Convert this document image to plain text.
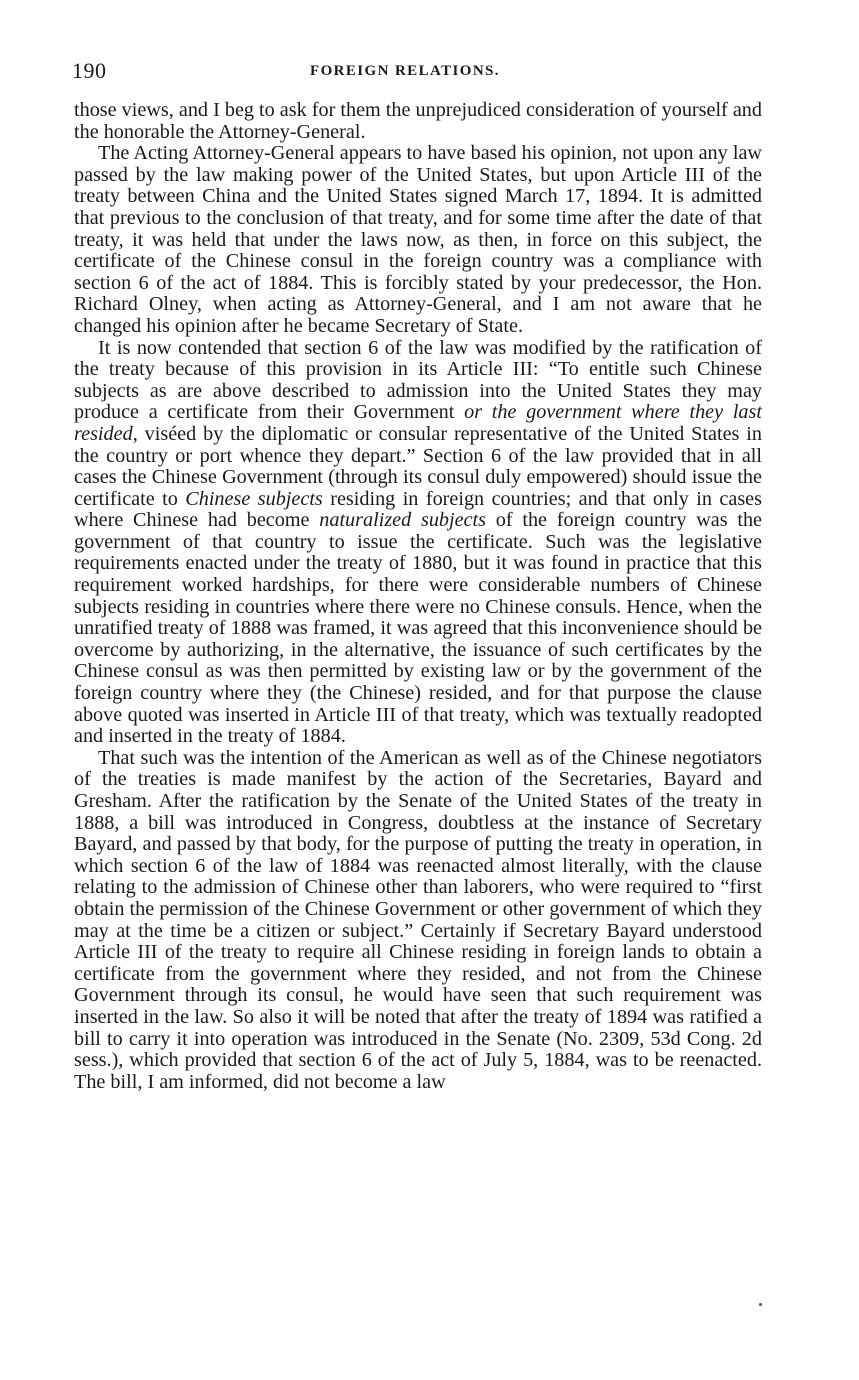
190	FOREIGN RELATIONS.

those views, and I beg to ask for them the unprejudiced consideration of yourself and the honorable the Attorney-General.

The Acting Attorney-General appears to have based his opinion, not upon any law passed by the law making power of the United States, but upon Article III of the treaty between China and the United States signed March 17, 1894. It is admitted that previous to the conclusion of that treaty, and for some time after the date of that treaty, it was held that under the laws now, as then, in force on this subject, the certificate of the Chinese consul in the foreign country was a compliance with section 6 of the act of 1884. This is forcibly stated by your predecessor, the Hon. Richard Olney, when acting as Attorney-General, and I am not aware that he changed his opinion after he became Secretary of State.

It is now contended that section 6 of the law was modified by the ratification of the treaty because of this provision in its Article III: “To entitle such Chinese subjects as are above described to admission into the United States they may produce a certificate from their Government or the government where they last resided, viséed by the diplomatic or consular representative of the United States in the country or port whence they depart.” Section 6 of the law provided that in all cases the Chinese Government (through its consul duly empowered) should issue the certificate to Chinese subjects residing in foreign countries; and that only in cases where Chinese had become naturalized subjects of the foreign country was the government of that country to issue the certificate. Such was the legislative requirements enacted under the treaty of 1880, but it was found in practice that this requirement worked hardships, for there were considerable numbers of Chinese subjects residing in countries where there were no Chinese consuls. Hence, when the unratified treaty of 1888 was framed, it was agreed that this inconvenience should be overcome by authorizing, in the alternative, the issuance of such certificates by the Chinese consul as was then permitted by existing law or by the government of the foreign country where they (the Chinese) resided, and for that purpose the clause above quoted was inserted in Article III of that treaty, which was textually readopted and inserted in the treaty of 1884.

That such was the intention of the American as well as of the Chinese negotiators of the treaties is made manifest by the action of the Secretaries, Bayard and Gresham. After the ratification by the Senate of the United States of the treaty in 1888, a bill was introduced in Congress, doubtless at the instance of Secretary Bayard, and passed by that body, for the purpose of putting the treaty in operation, in which section 6 of the law of 1884 was reenacted almost literally, with the clause relating to the admission of Chinese other than laborers, who were required to “first obtain the permission of the Chinese Government or other government of which they may at the time be a citizen or subject.” Certainly if Secretary Bayard understood Article III of the treaty to require all Chinese residing in foreign lands to obtain a certificate from the government where they resided, and not from the Chinese Government through its consul, he would have seen that such requirement was inserted in the law. So also it will be noted that after the treaty of 1894 was ratified a bill to carry it into operation was introduced in the Senate (No. 2309, 53d Cong. 2d sess.), which provided that section 6 of the act of July 5, 1884, was to be reenacted. The bill, I am informed, did not become a law
